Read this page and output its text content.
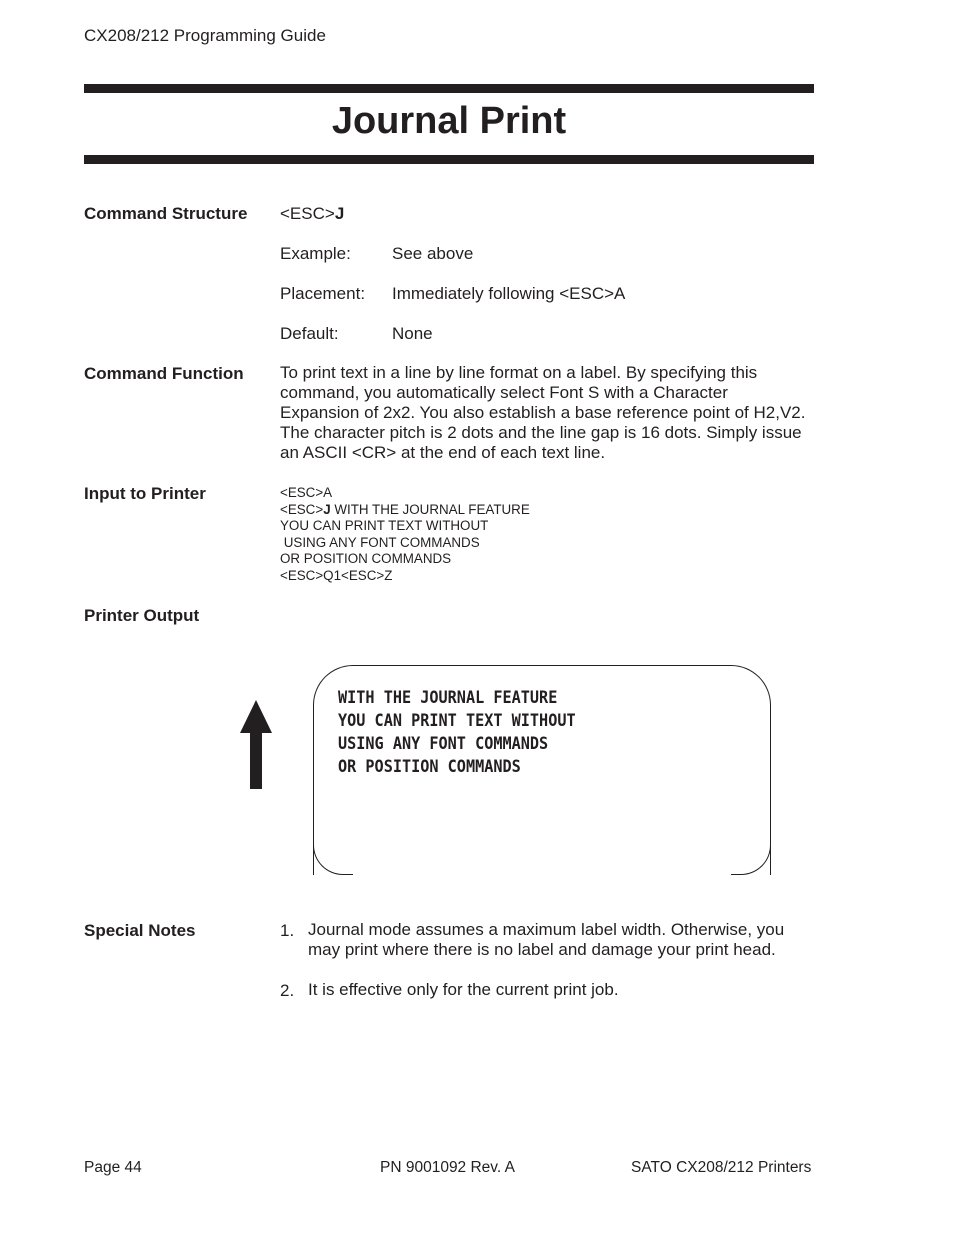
CX208/212 Programming Guide
Journal Print
Command Structure <ESC>J
Example: See above
Placement: Immediately following <ESC>A
Default:	None
Command Function To print text in a line by line format on a label. By specifying this
command, you automatically select Font S with a Character
Expansion of 2x2. You also establish a base reference point of H2,V2.
The character pitch is 2 dots and the line gap is 16 dots. Simply issue
an ASCII <CR> at the end of each text line.
Input to Printer	<ESC>A
<ESC>J WITH THE JOURNAL FEATURE
YOU CAN PRINT TEXT WITHOUT
USING ANY FONT COMMANDS
OR POSITION COMMANDS
<ESC>Q1<ESC>Z
Printer Output
WITH THE JOURNAL FEATURE
YOU CAN PRINT TEXT WITHOUT
USING ANY FONT COMMANDS
OR POSITION COMMANDS
Special Notes	1. Journal mode assumes a maximum label width. Otherwise, you
may print where there is no label and damage your print head.
2. It is effective only for the current print job.
Page 44	PN 9001092 Rev. A	SATO CX208/212 Printers
